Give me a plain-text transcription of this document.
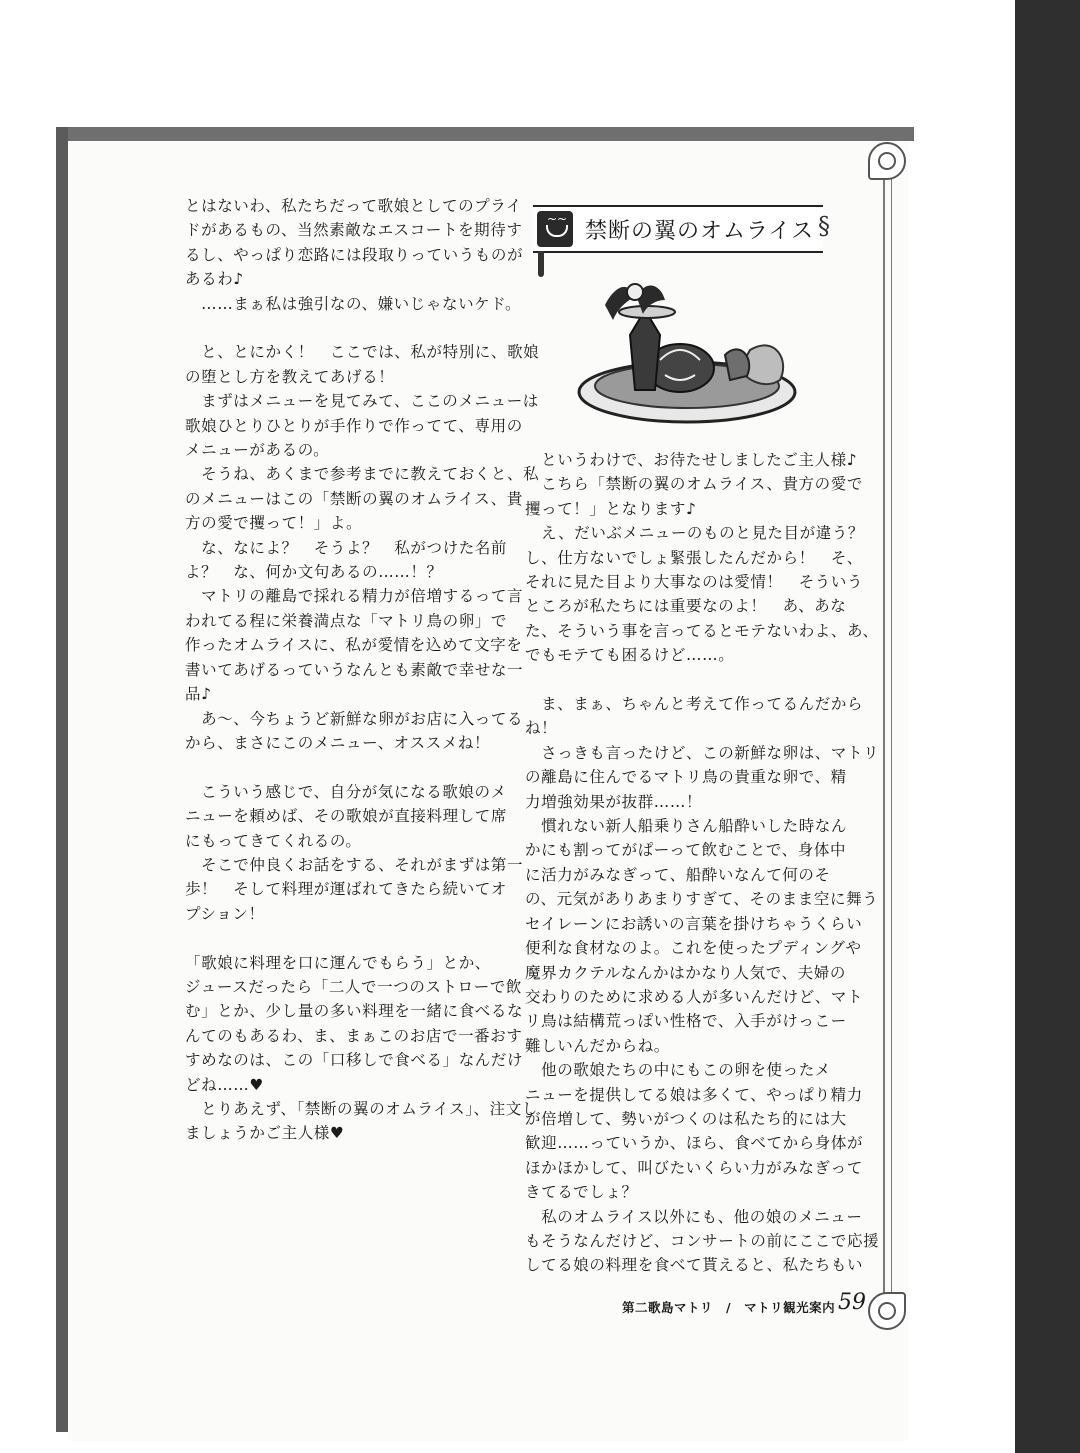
~~
禁断の翼のオムライス §
とはないわ、私たちだって歌娘としてのプライ
ドがあるもの、当然素敵なエスコートを期待す
るし、やっぱり恋路には段取りっていうものが
あるわ♪
　……まぁ私は強引なの、嫌いじゃないケド。
　と、とにかく！　ここでは、私が特別に、歌娘
の堕とし方を教えてあげる！
　まずはメニューを見てみて、ここのメニューは
歌娘ひとりひとりが手作りで作ってて、専用の
メニューがあるの。
　そうね、あくまで参考までに教えておくと、私
のメニューはこの「禁断の翼のオムライス、貴
方の愛で攫って！」よ。
　な、なによ？　そうよ？　私がつけた名前
よ？　な、何か文句あるの……！？
　マトリの離島で採れる精力が倍増するって言
われてる程に栄養満点な「マトリ鳥の卵」で
作ったオムライスに、私が愛情を込めて文字を
書いてあげるっていうなんとも素敵で幸せな一
品♪
　あ～、今ちょうど新鮮な卵がお店に入ってる
から、まさにこのメニュー、オススメね！
　こういう感じで、自分が気になる歌娘のメ
ニューを頼めば、その歌娘が直接料理して席
にもってきてくれるの。
　そこで仲良くお話をする、それがまずは第一
歩！　そして料理が運ばれてきたら続いてオ
プション！
「歌娘に料理を口に運んでもらう」とか、
ジュースだったら「二人で一つのストローで飲
む」とか、少し量の多い料理を一緒に食べるな
んてのもあるわ、ま、まぁこのお店で一番おす
すめなのは、この「口移しで食べる」なんだけ
どね……♥
　とりあえず、「禁断の翼のオムライス」、注文し
ましょうかご主人様♥
　というわけで、お待たせしましたご主人様♪
　こちら「禁断の翼のオムライス、貴方の愛で
攫って！」となります♪
　え、だいぶメニューのものと見た目が違う？
し、仕方ないでしょ緊張したんだから！　そ、
それに見た目より大事なのは愛情！　そういう
ところが私たちには重要なのよ！　あ、あな
た、そういう事を言ってるとモテないわよ、あ、
でもモテても困るけど……。
　ま、まぁ、ちゃんと考えて作ってるんだから
ね！
　さっきも言ったけど、この新鮮な卵は、マトリ
の離島に住んでるマトリ鳥の貴重な卵で、精
力増強効果が抜群……！
　慣れない新人船乗りさん船酔いした時なん
かにも割ってがぱーって飲むことで、身体中
に活力がみなぎって、船酔いなんて何のそ
の、元気がありあまりすぎて、そのまま空に舞う
セイレーンにお誘いの言葉を掛けちゃうくらい
便利な食材なのよ。これを使ったプディングや
魔界カクテルなんかはかなり人気で、夫婦の
交わりのために求める人が多いんだけど、マト
リ鳥は結構荒っぽい性格で、入手がけっこー
難しいんだからね。
　他の歌娘たちの中にもこの卵を使ったメ
ニューを提供してる娘は多くて、やっぱり精力
が倍増して、勢いがつくのは私たち的には大
歓迎……っていうか、ほら、食べてから身体が
ほかほかして、叫びたいくらい力がみなぎって
きてるでしょ？
　私のオムライス以外にも、他の娘のメニュー
もそうなんだけど、コンサートの前にここで応援
してる娘の料理を食べて貰えると、私たちもい
第二歌島マトリ　/　マトリ観光案内 59
